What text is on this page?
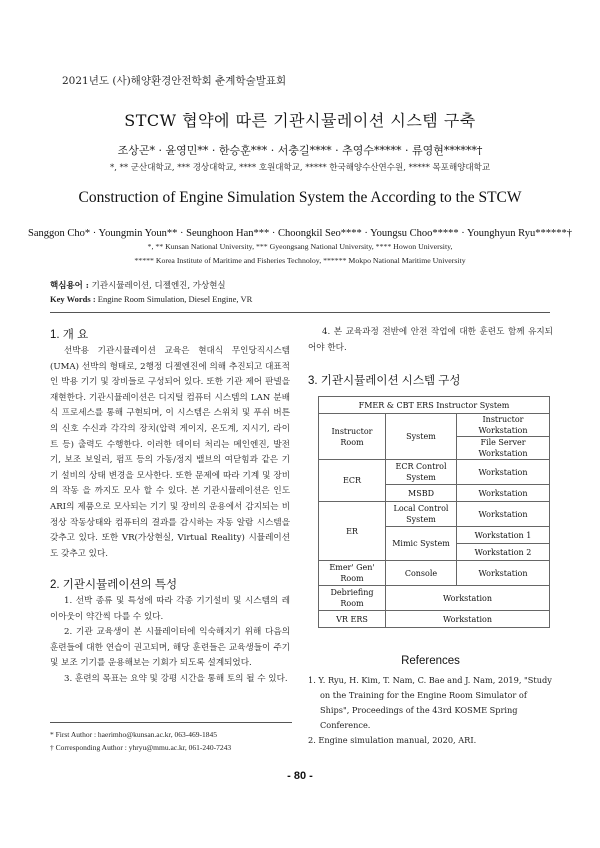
2021년도 (사)해양환경안전학회 춘계학술발표회
STCW 협약에 따른 기관시뮬레이션 시스템 구축
조상곤* · 윤영민** · 한승훈*** · 서충길**** · 추영수***** · 류영현******†
*, ** 군산대학교, *** 경상대학교, **** 호원대학교, ***** 한국해양수산연수원, ***** 목포해양대학교
Construction of Engine Simulation System the According to the STCW
Sanggon Cho* · Youngmin Youn** · Seunghoon Han*** · Choongkil Seo**** · Youngsu Choo***** · Younghyun Ryu******†
*, ** Kunsan National University, *** Gyeongsang National University, **** Howon University,
***** Korea Institute of Maritime and Fisheries Technoloy, ****** Mokpo National Maritime University
핵심용어 : 기관시뮬레이션, 디젤엔진, 가상현실
Key Words : Engine Room Simulation, Diesel Engine, VR
1. 개 요
선박용 기관시뮬레이션 교육은 현대식 무인당직시스템(UMA) 선박의 형태로, 2행정 디젤엔진에 의해 추진되고 대표적인 박용 기기 및 장비들로 구성되어 있다. 또한 기관 제어 판넬을 재현한다. 기관시뮬레이션은 디지털 컴퓨터 시스템의 LAN 분배식 프로세스를 통해 구현되며, 이 시스템은 스위치 및 푸쉬 버튼의 신호 수신과 각각의 장치(압력 게이지, 온도계, 지시기, 라이트 등) 출력도 수행한다. 이러한 데이터 처리는 메인엔진, 발전기, 보조 보일러, 펌프 등의 가동/정지 밸브의 여닫힘과 같은 기기 설비의 상태 변경을 모사한다. 또한 문제에 따라 기계 및 장비의 작동 을 까지도 모사 할 수 있다. 본 기관시뮬레이션은 인도 ARI의 제품으로 모사되는 기기 및 장비의 운용에서 감지되는 비정상 작동상태와 컴퓨터의 결과를 감시하는 자동 알람 시스템을 갖추고 있다. 또한 VR(가상현실, Virtual Reality) 시뮬레이션도 갖추고 있다.
2. 기관시뮬레이션의 특성
1. 선박 종류 및 특성에 따라 각종 기기설비 및 시스템의 레이아웃이 약간씩 다를 수 있다.
2. 기관 교육생이 본 시뮬레이터에 익숙해지기 위해 다음의 훈련들에 대한 연습이 권고되며, 해당 훈련들은 교육생들이 주기 및 보조 기기를 운용해보는 기회가 되도록 설계되었다.
3. 훈련의 목표는 요약 및 강평 시간을 통해 토의 될 수 있다.
* First Author : haerimho@kunsan.ac.kr, 063-469-1845
† Corresponding Author : yhryu@mmu.ac.kr, 061-240-7243
4. 본 교육과정 전반에 안전 작업에 대한 훈련도 함께 유지되어야 한다.
3. 기관시뮬레이션 시스템 구성
FMER & CBT ERS Instructor System		
Instructor Room	System	Instructor Workstation
		File Server Workstation
ECR	ECR Control System	Workstation
	MSBD	Workstation
ER	Local Control System	Workstation
	Mimic System	Workstation 1
		Workstation 2
Emer' Gen' Room	Console	Workstation
Debriefing Room	Workstation	
VR ERS	Workstation	
References
1. Y. Ryu, H. Kim, T. Nam, C. Bae and J. Nam, 2019, "Study on the Training for the Engine Room Simulator of Ships", Proceedings of the 43rd KOSME Spring Conference.
2. Engine simulation manual, 2020, ARI.
- 80 -
